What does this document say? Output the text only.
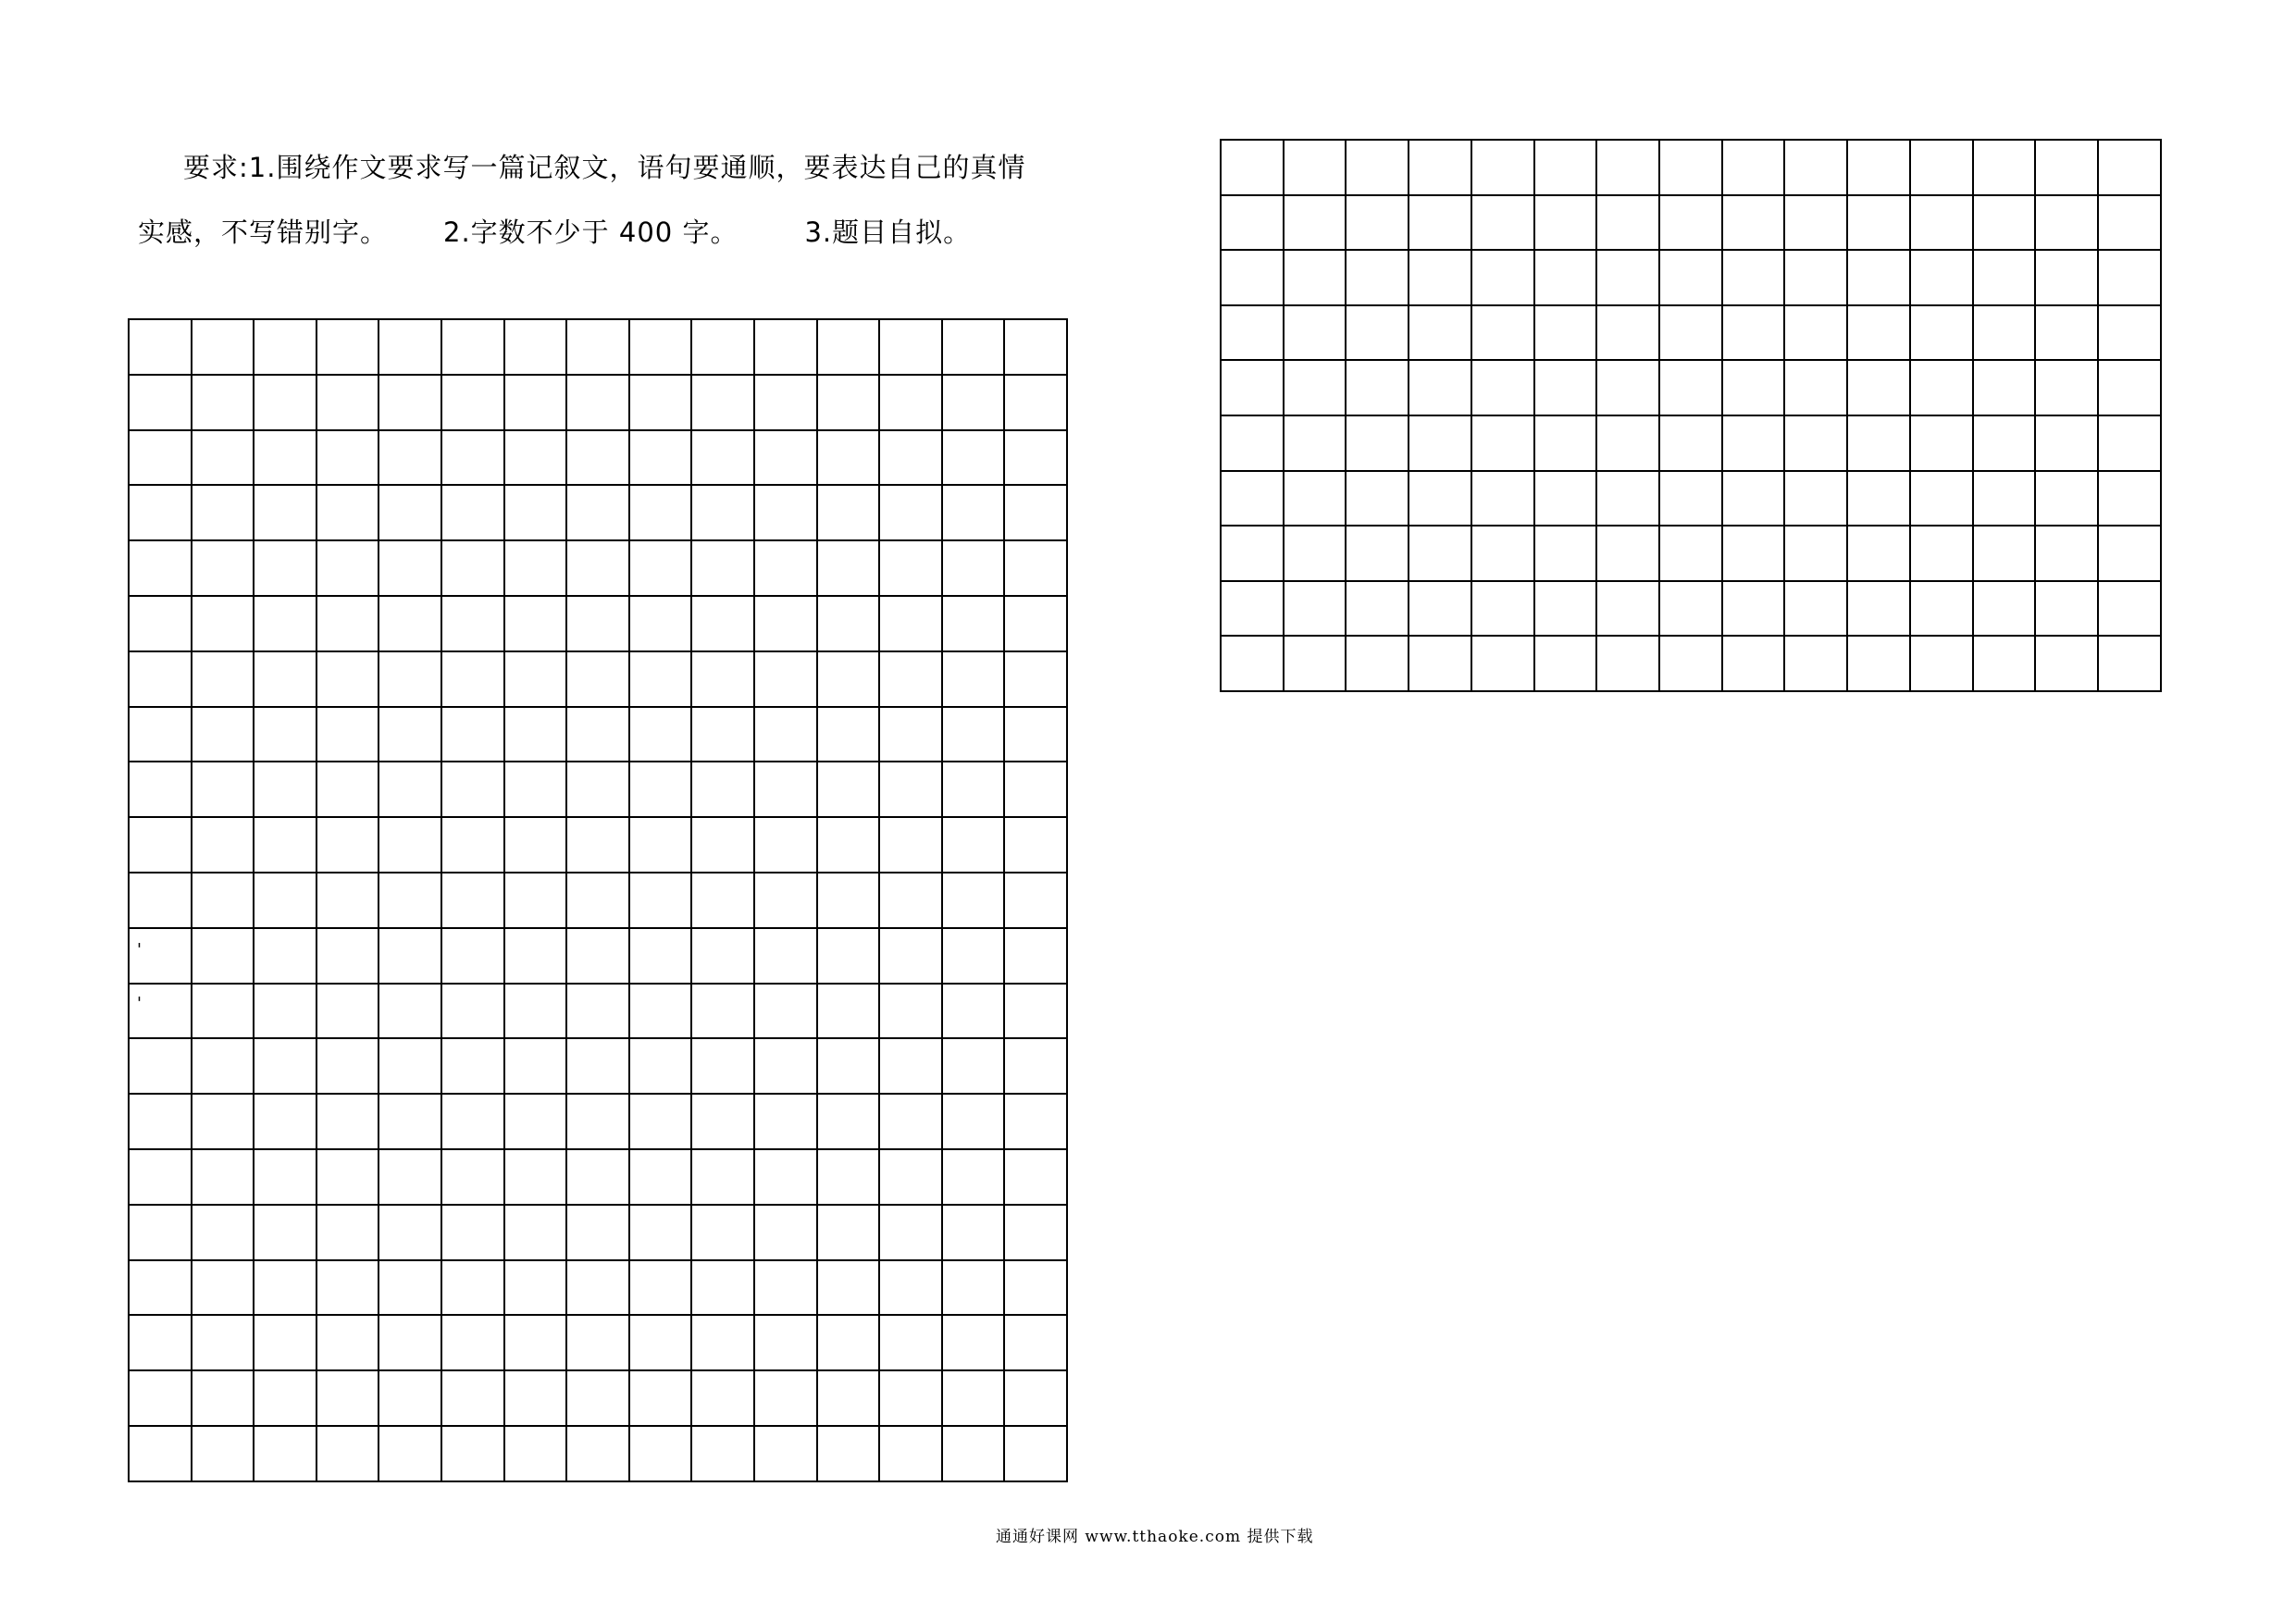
要求:1.围绕作文要求写一篇记叙文，语句要通顺，要表达自己的真情
实感，不写错别字。 2.字数不少于 400 字。 3.题目自拟。

'
'
通通好课网 www.tthaoke.com 提供下载
